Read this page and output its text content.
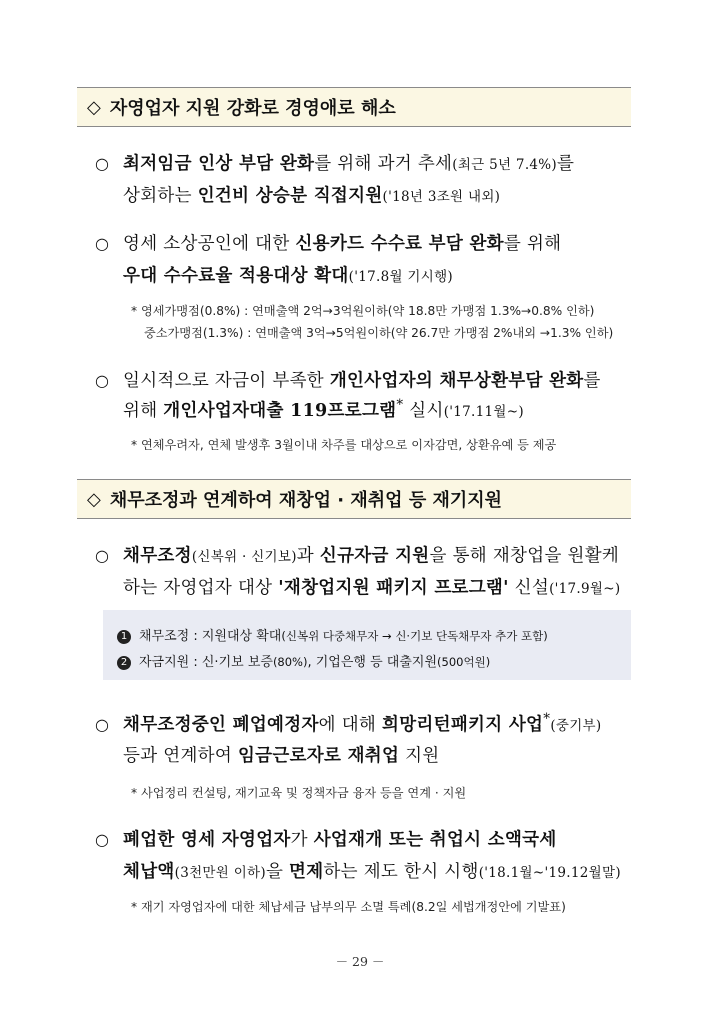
◇ 자영업자 지원 강화로 경영애로 해소
○ 최저임금 인상 부담 완화를 위해 과거 추세(최근 5년 7.4%)를
상회하는 인건비 상승분 직접지원('18년 3조원 내외)
○ 영세 소상공인에 대한 신용카드 수수료 부담 완화를 위해
우대 수수료율 적용대상 확대('17.8월 기시행)
* 영세가맹점(0.8%) : 연매출액 2억→3억원이하(약 18.8만 가맹점 1.3%→0.8% 인하)
중소가맹점(1.3%) : 연매출액 3억→5억원이하(약 26.7만 가맹점 2%내외 →1.3% 인하)
○ 일시적으로 자금이 부족한 개인사업자의 채무상환부담 완화를
위해 개인사업자대출 119프로그램* 실시('17.11월~)
* 연체우려자, 연체 발생후 3월이내 차주를 대상으로 이자감면, 상환유예 등 제공
◇ 채무조정과 연계하여 재창업 · 재취업 등 재기지원
○ 채무조정(신복위 · 신기보)과 신규자금 지원을 통해 재창업을 원활케
하는 자영업자 대상 '재창업지원 패키지 프로그램' 신설('17.9월~)
1 채무조정 : 지원대상 확대(신복위 다중채무자 → 신·기보 단독채무자 추가 포함)
2 자금지원 : 신·기보 보증(80%), 기업은행 등 대출지원(500억원)
○ 채무조정중인 폐업예정자에 대해 희망리턴패키지 사업*(중기부)
등과 연계하여 임금근로자로 재취업 지원
* 사업정리 컨설팅, 재기교육 및 정책자금 융자 등을 연계 · 지원
○ 폐업한 영세 자영업자가 사업재개 또는 취업시 소액국세
체납액(3천만원 이하)을 면제하는 제도 한시 시행('18.1월~'19.12월말)
* 재기 자영업자에 대한 체납세금 납부의무 소멸 특례(8.2일 세법개정안에 기발표)
－ 29 －
